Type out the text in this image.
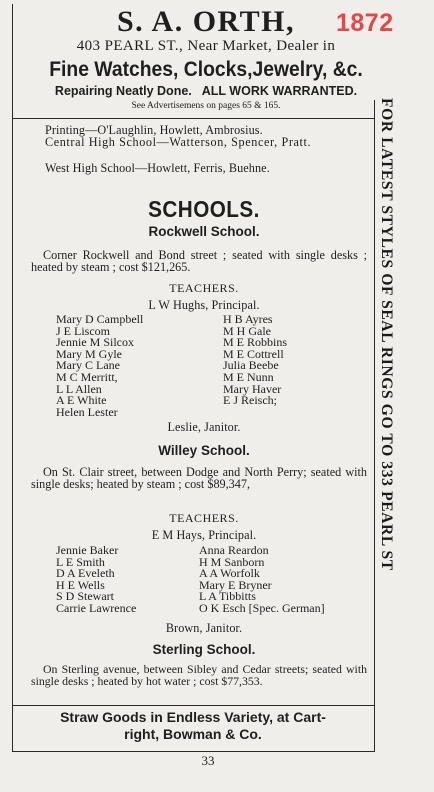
1872
S. A. ORTH,
403 PEARL ST., Near Market, Dealer in
Fine Watches, Clocks,Jewelry, &c.
Repairing Neatly Done. ALL WORK WARRANTED.
See Advertisemens on pages 65 & 165.	FOR LATEST STYLES OF SEAL RINGS GO TO 333 PEARL ST
Printing—O'Laughlin, Howlett, Ambrosius.
Central High School—Watterson, Spencer, Pratt.
West High School—Howlett, Ferris, Buehne.
SCHOOLS.
Rockwell School.
Corner Rockwell and Bond street ; seated with single desks ; heated by steam ; cost $121,265.
TEACHERS.
L W Hughs, Principal.
Mary D Campbell
J E Liscom
Jennie M Silcox
Mary M Gyle
Mary C Lane
M C Merritt,
L L Allen
A E White
Helen Lester
H B Ayres
M H Gale
M E Robbins
M E Cottrell
Julia Beebe
M E Nunn
Mary Haver
E J Reisch;
Leslie, Janitor.
Willey School.
On St. Clair street, between Dodge and North Perry; seated with single desks; heated by steam ; cost $89,347,
TEACHERS.
E M Hays, Principal.
Jennie Baker
L E Smith
D A Eveleth
H E Wells
S D Stewart
Carrie Lawrence
Anna Reardon
H M Sanborn
A A Worfolk
Mary E Bryner
L A Tibbitts
O K Esch [Spec. German]
Brown, Janitor.
Sterling School.
On Sterling avenue, between Sibley and Cedar streets; seated with single desks ; heated by hot water ; cost $77,353.
Straw Goods in Endless Variety, at Cart-
right, Bowman & Co.
33
